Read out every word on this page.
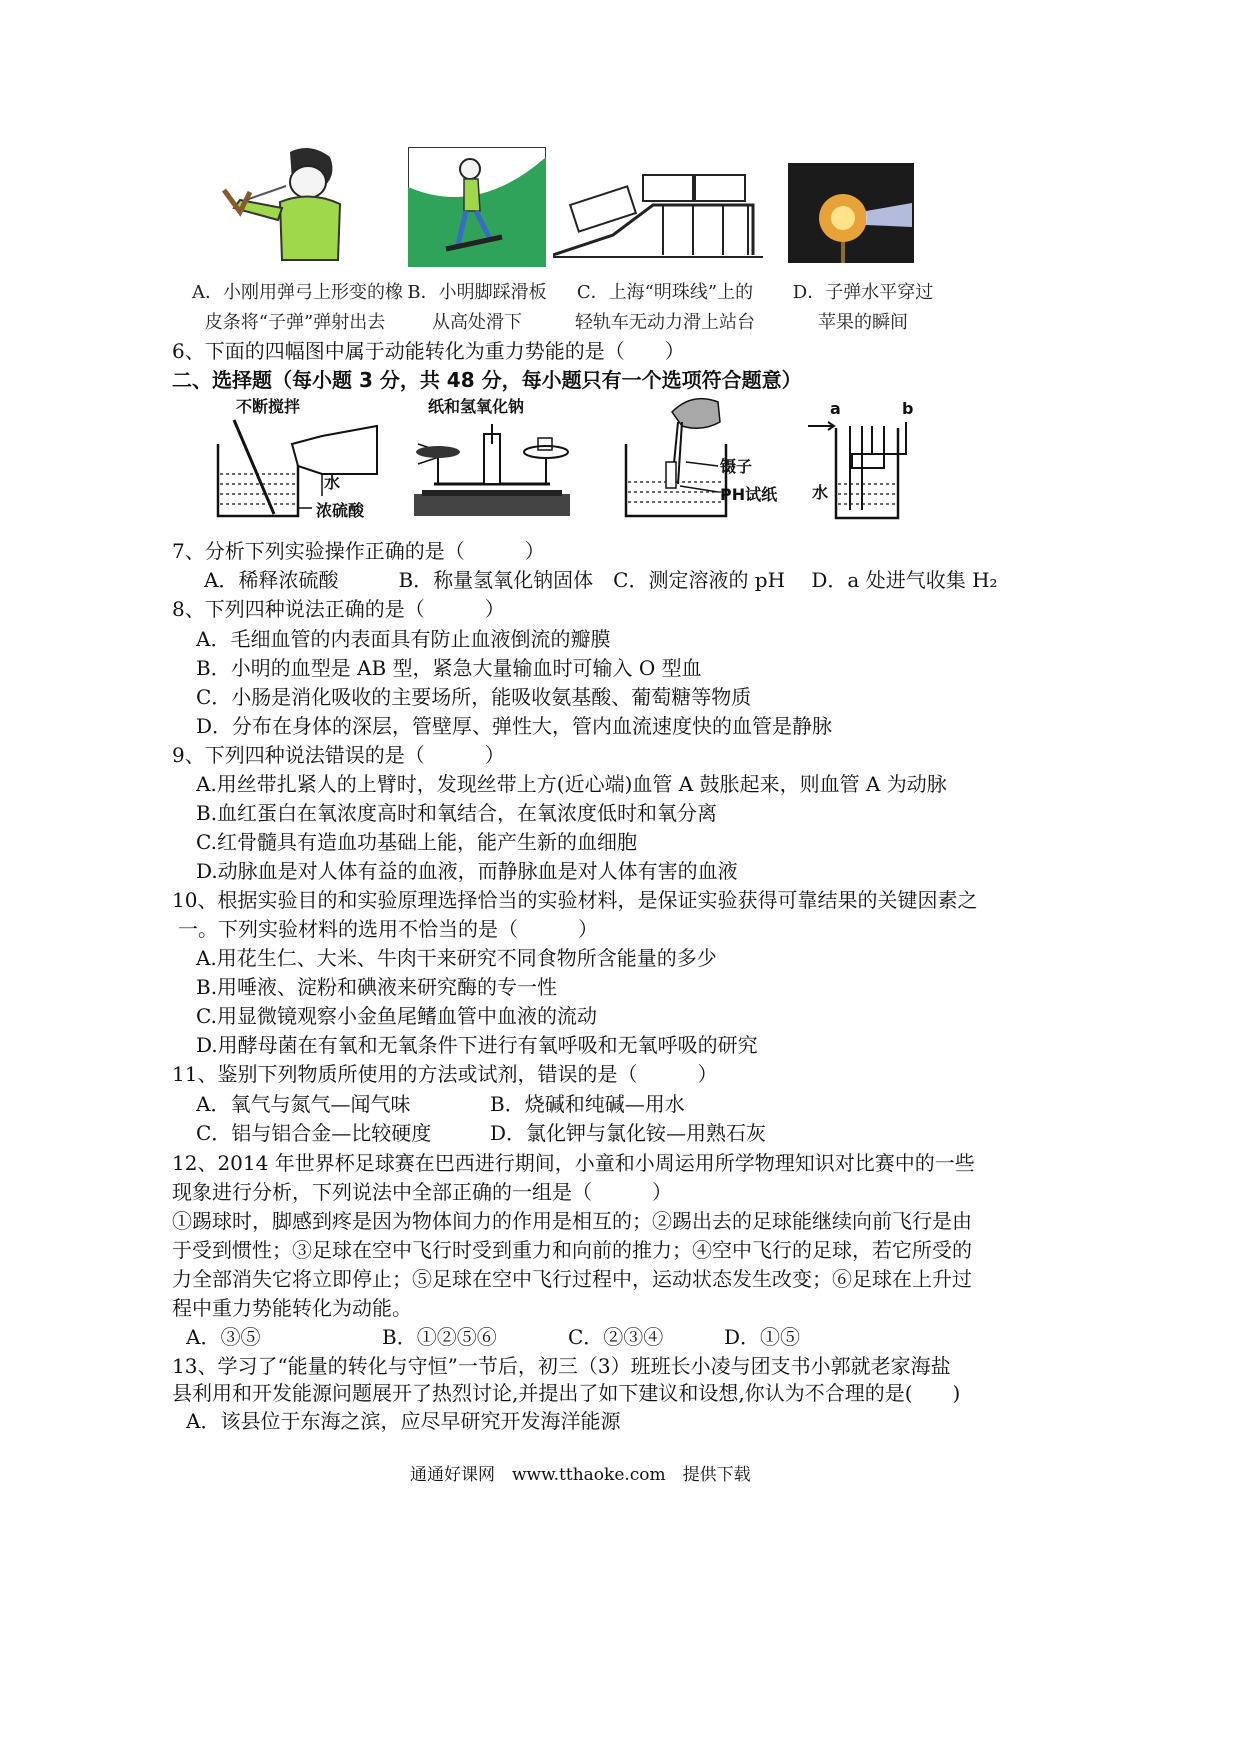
A．小刚用弹弓上形变的橡
皮条将“子弹”弹射出去
B．小明脚踩滑板
从高处滑下
C．上海“明珠线”上的
轻轨车无动力滑上站台
D．子弹水平穿过
苹果的瞬间
6、下面的四幅图中属于动能转化为重力势能的是（　　）
二、选择题（每小题 3 分，共 48 分，每小题只有一个选项符合题意）
不断搅拌
水
浓硫酸
纸和氢氧化钠
镊子
PH试纸
a	b
水
7、分析下列实验操作正确的是（　　　）
A．稀释浓硫酸　　　B．称量氢氧化钠固体　C．测定溶液的 pH　 D．a 处进气收集 H₂
8、下列四种说法正确的是（　　　）
A．毛细血管的内表面具有防止血液倒流的瓣膜
B．小明的血型是 AB 型，紧急大量输血时可输入 O 型血
C．小肠是消化吸收的主要场所，能吸收氨基酸、葡萄糖等物质
D．分布在身体的深层，管壁厚、弹性大，管内血流速度快的血管是静脉
9、下列四种说法错误的是（　　　）
A.用丝带扎紧人的上臂时，发现丝带上方(近心端)血管 A 鼓胀起来，则血管 A 为动脉
B.血红蛋白在氧浓度高时和氧结合，在氧浓度低时和氧分离
C.红骨髓具有造血功基础上能，能产生新的血细胞
D.动脉血是对人体有益的血液，而静脉血是对人体有害的血液
10、根据实验目的和实验原理选择恰当的实验材料，是保证实验获得可靠结果的关键因素之
一。下列实验材料的选用不恰当的是（　　　）
A.用花生仁、大米、牛肉干来研究不同食物所含能量的多少
B.用唾液、淀粉和碘液来研究酶的专一性
C.用显微镜观察小金鱼尾鳍血管中血液的流动
D.用酵母菌在有氧和无氧条件下进行有氧呼吸和无氧呼吸的研究
11、鉴别下列物质所使用的方法或试剂，错误的是（　　　）
A．氧气与氮气—闻气味	B．烧碱和纯碱—用水
C．铝与铝合金—比较硬度	D．氯化钾与氯化铵—用熟石灰
12、2014 年世界杯足球赛在巴西进行期间，小童和小周运用所学物理知识对比赛中的一些
现象进行分析，下列说法中全部正确的一组是（　　　）
①踢球时，脚感到疼是因为物体间力的作用是相互的；②踢出去的足球能继续向前飞行是由
于受到惯性；③足球在空中飞行时受到重力和向前的推力；④空中飞行的足球，若它所受的
力全部消失它将立即停止；⑤足球在空中飞行过程中，运动状态发生改变；⑥足球在上升过
程中重力势能转化为动能。
A．③⑤	B．①②⑤⑥	C．②③④	D．①⑤
13、学习了“能量的转化与守恒”一节后，初三（3）班班长小凌与团支书小郭就老家海盐
县利用和开发能源问题展开了热烈讨论,并提出了如下建议和设想,你认为不合理的是(　　)
A．该县位于东海之滨，应尽早研究开发海洋能源
通通好课网　www.tthaoke.com　提供下载
